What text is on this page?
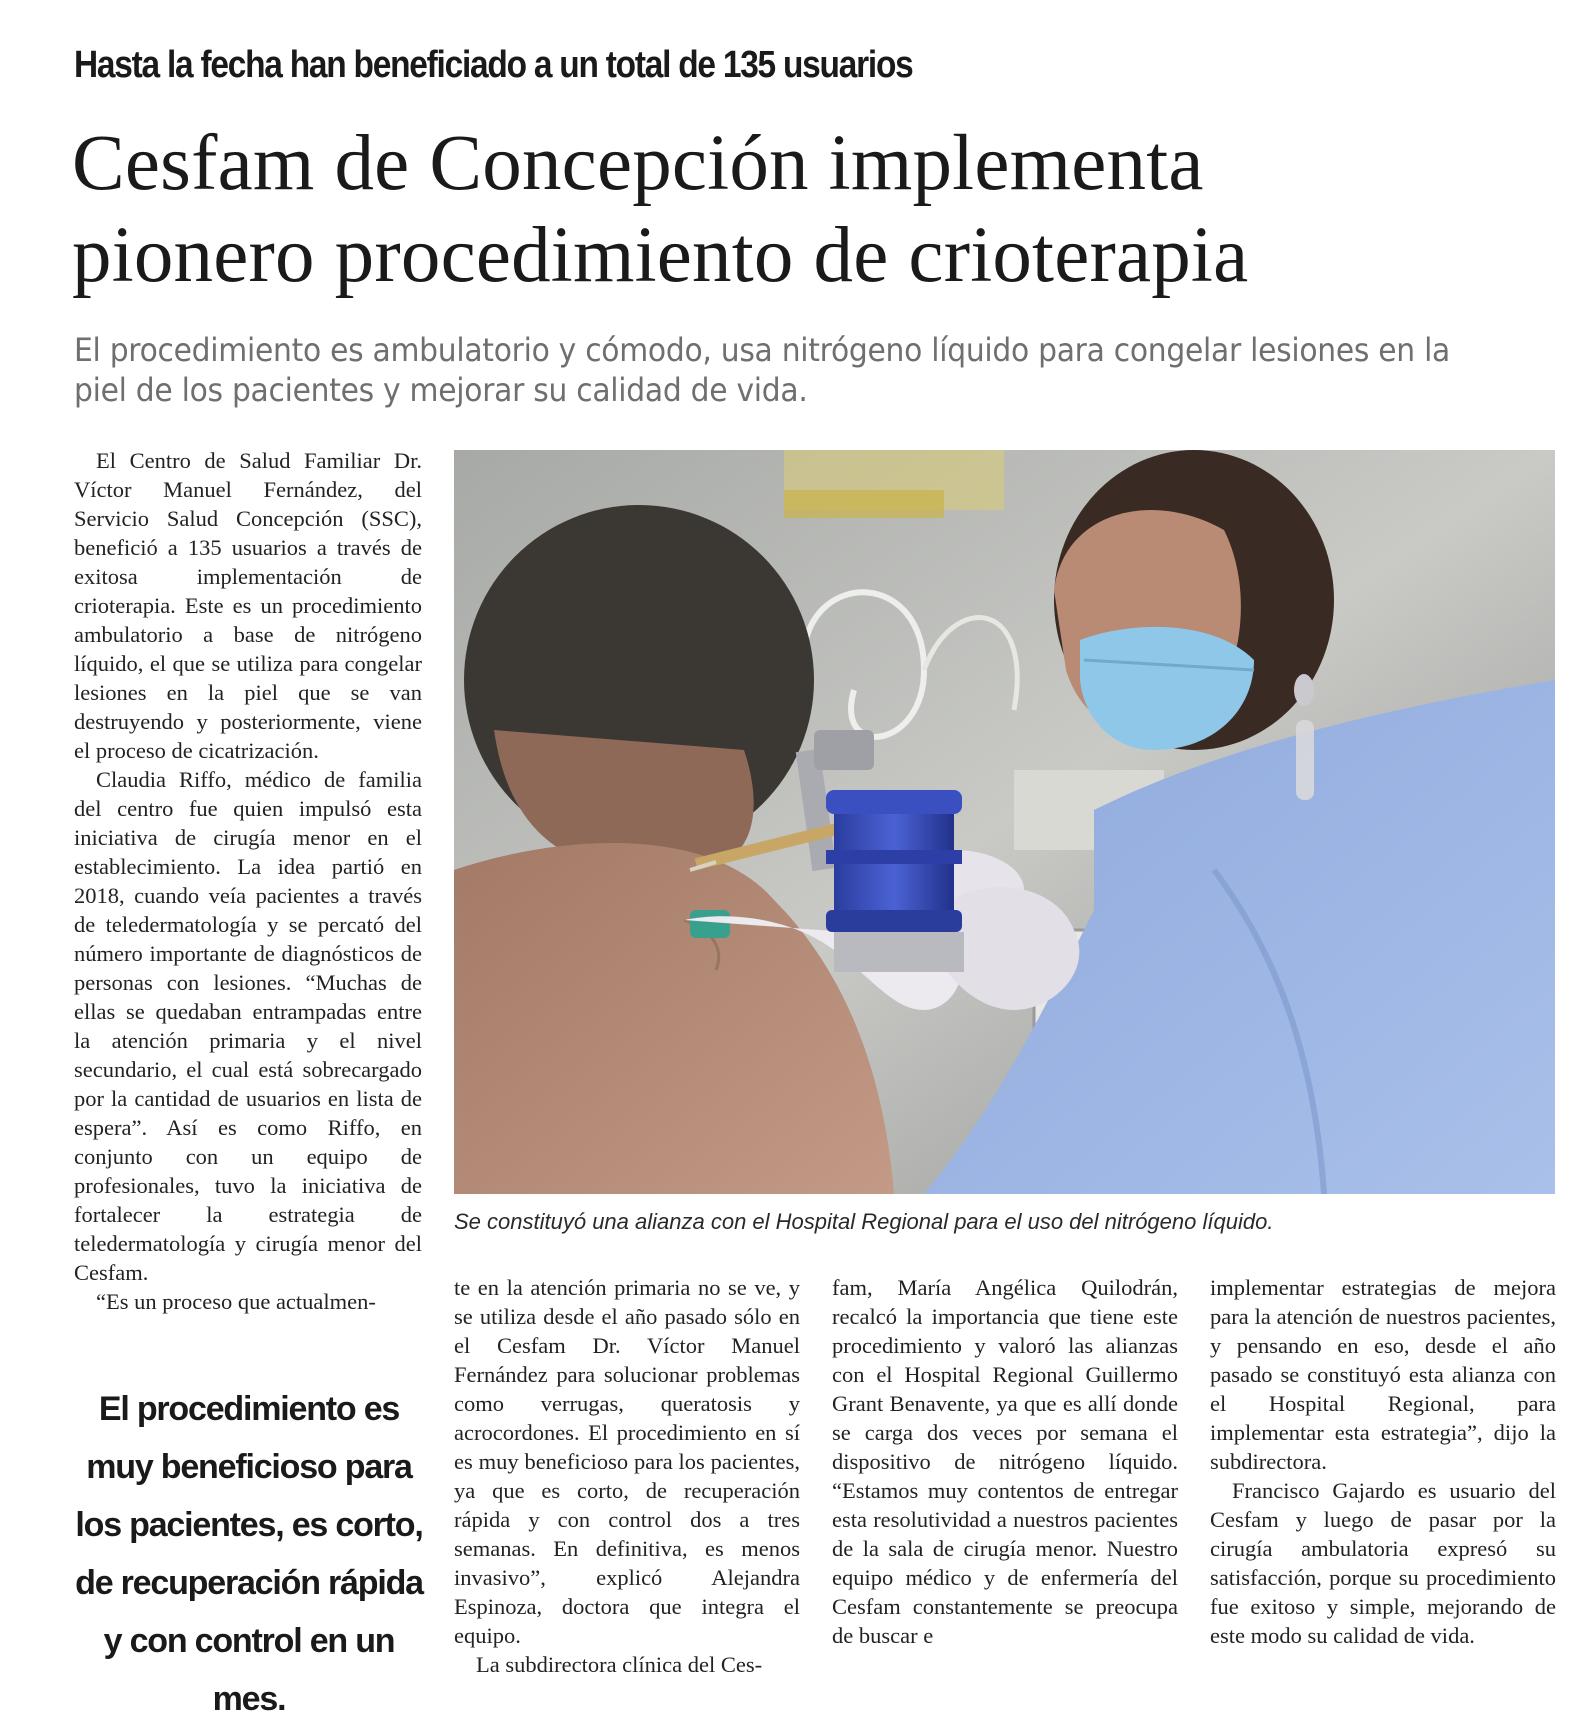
Hasta la fecha han beneficiado a un total de 135 usuarios
Cesfam de Concepción implementa
pionero procedimiento de crioterapia
El procedimiento es ambulatorio y cómodo, usa nitrógeno líquido para congelar lesiones en la piel de los pacientes y mejorar su calidad de vida.

El Centro de Salud Familiar Dr. Víctor Manuel Fernández, del Servicio Salud Concepción (SSC), benefició a 135 usuarios a través de exitosa implementación de crioterapia. Este es un procedimiento ambulatorio a base de nitrógeno líquido, el que se utiliza para congelar lesiones en la piel que se van destruyendo y posteriormente, viene el proceso de cicatrización.

Claudia Riffo, médico de familia del centro fue quien impulsó esta iniciativa de cirugía menor en el establecimiento. La idea partió en 2018, cuando veía pacientes a través de teledermatología y se percató del número importante de diagnósticos de personas con lesiones. “Muchas de ellas se quedaban entrampadas entre la atención primaria y el nivel secundario, el cual está sobrecargado por la cantidad de usuarios en lista de espera”. Así es como Riffo, en conjunto con un equipo de profesionales, tuvo la iniciativa de fortalecer la estrategia de teledermatología y cirugía menor del Cesfam.

“Es un proceso que actualmen-

Se constituyó una alianza con el Hospital Regional para el uso del nitrógeno líquido.
El procedimiento es muy beneficioso para los pacientes, es corto, de recuperación rápida y con control en un mes.

te en la atención primaria no se ve, y se utiliza desde el año pasado sólo en el Cesfam Dr. Víctor Manuel Fernández para solucionar problemas como verrugas, queratosis y acrocordones. El procedimiento en sí es muy beneficioso para los pacientes, ya que es corto, de recuperación rápida y con control dos a tres semanas. En definitiva, es menos invasivo”, explicó Alejandra Espinoza, doctora que integra el equipo.

La subdirectora clínica del Ces-

fam, María Angélica Quilodrán, recalcó la importancia que tiene este procedimiento y valoró las alianzas con el Hospital Regional Guillermo Grant Benavente, ya que es allí donde se carga dos veces por semana el dispositivo de nitrógeno líquido. “Estamos muy contentos de entregar esta resolutividad a nuestros pacientes de la sala de cirugía menor. Nuestro equipo médico y de enfermería del Cesfam constantemente se preocupa de buscar e

implementar estrategias de mejora para la atención de nuestros pacientes, y pensando en eso, desde el año pasado se constituyó esta alianza con el Hospital Regional, para implementar esta estrategia”, dijo la subdirectora.

Francisco Gajardo es usuario del Cesfam y luego de pasar por la cirugía ambulatoria expresó su satisfacción, porque su procedimiento fue exitoso y simple, mejorando de este modo su calidad de vida.
